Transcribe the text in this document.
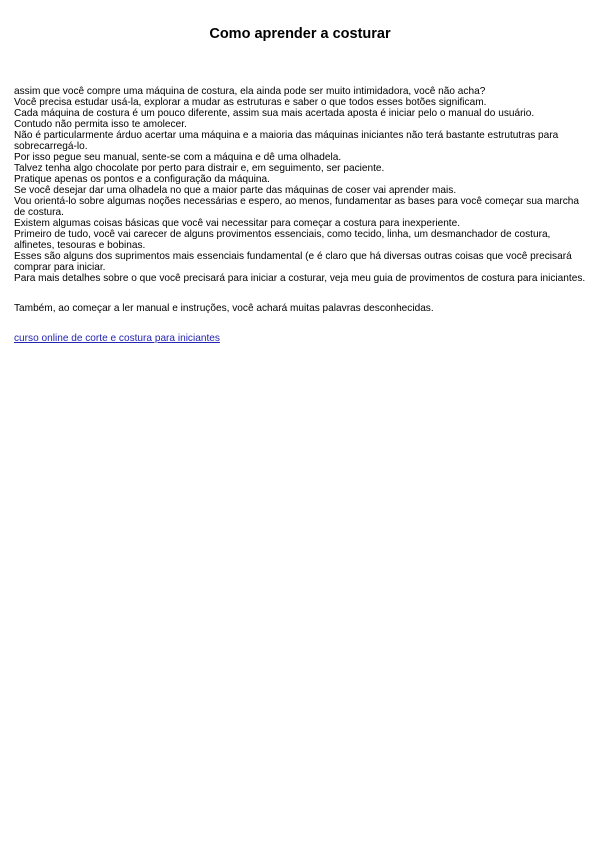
Como aprender a costurar
assim que você compre uma máquina de costura, ela ainda pode ser muito intimidadora, você não acha?
Você precisa estudar usá-la, explorar a mudar as estruturas e saber o que todos esses botões significam.
Cada máquina de costura é um pouco diferente, assim sua mais acertada aposta é iniciar pelo o manual do usuário.
Contudo não permita isso te amolecer.
Não é particularmente árduo acertar uma máquina e a maioria das máquinas iniciantes não terá bastante estrututras para sobrecarregá-lo.
Por isso pegue seu manual, sente-se com a máquina e dê uma olhadela.
Talvez tenha algo chocolate por perto para distrair e, em seguimento, ser paciente.
Pratique apenas os pontos e a configuração da máquina.
Se você desejar dar uma olhadela no que a maior parte das máquinas de coser vai aprender mais.
Vou orientá-lo sobre algumas noções necessárias e espero, ao menos, fundamentar as bases para você começar sua marcha de costura.
Existem algumas coisas básicas que você vai necessitar para começar a costura para inexperiente.
Primeiro de tudo, você vai carecer de alguns provimentos essenciais, como tecido, linha, um desmanchador de costura, alfinetes, tesouras e bobinas.
Esses são alguns dos suprimentos mais essenciais fundamental (e é claro que há diversas outras coisas que você precisará comprar para iniciar.
Para mais detalhes sobre o que você precisará para iniciar a costurar, veja meu guia de provimentos de costura para iniciantes.
Também, ao começar a ler manual e instruções, você achará muitas palavras desconhecidas.
curso online de corte e costura para iniciantes
